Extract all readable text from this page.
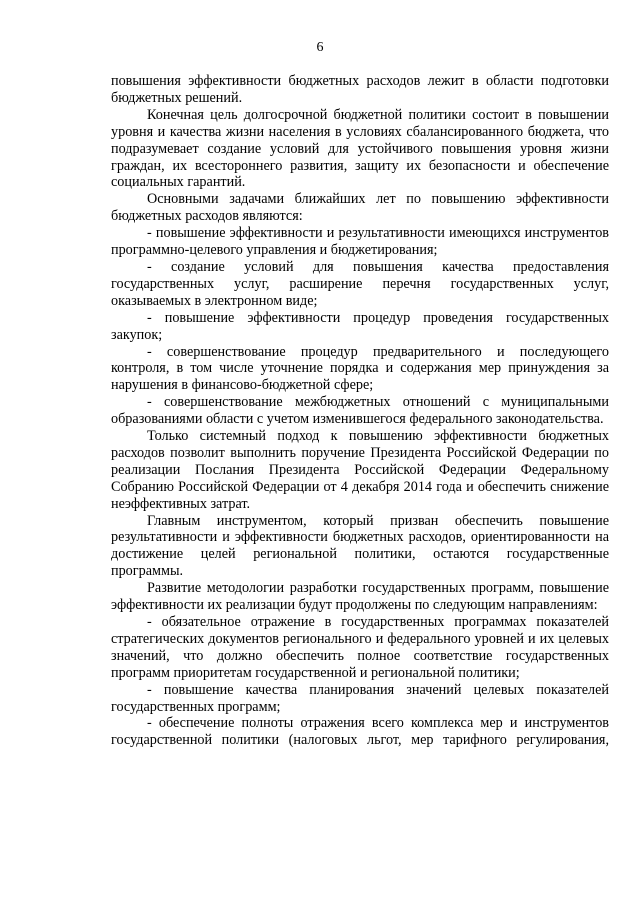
6

повышения эффективности бюджетных расходов лежит в области подготовки бюджетных решений.

Конечная цель долгосрочной бюджетной политики состоит в повышении уровня и качества жизни населения в условиях сбалансированного бюджета, что подразумевает создание условий для устойчивого повышения уровня жизни граждан, их всестороннего развития, защиту их безопасности и обеспечение социальных гарантий.

Основными задачами ближайших лет по повышению эффективности бюджетных расходов являются:

- повышение эффективности и результативности имеющихся инструментов программно-целевого управления и бюджетирования;

- создание условий для повышения качества предоставления государственных услуг, расширение перечня государственных услуг, оказываемых в электронном виде;

- повышение эффективности процедур проведения государственных закупок;

- совершенствование процедур предварительного и последующего контроля, в том числе уточнение порядка и содержания мер принуждения за нарушения в финансово-бюджетной сфере;

- совершенствование межбюджетных отношений с муниципальными образованиями области с учетом изменившегося федерального законодательства.

Только системный подход к повышению эффективности бюджетных расходов позволит выполнить поручение Президента Российской Федерации по реализации Послания Президента Российской Федерации Федеральному Собранию Российской Федерации от 4 декабря 2014 года и обеспечить снижение неэффективных затрат.

Главным инструментом, который призван обеспечить повышение результативности и эффективности бюджетных расходов, ориентированности на достижение целей региональной политики, остаются государственные программы.

Развитие методологии разработки государственных программ, повышение эффективности их реализации будут продолжены по следующим направлениям:

- обязательное отражение в государственных программах показателей стратегических документов регионального и федерального уровней и их целевых значений, что должно обеспечить полное соответствие государственных программ приоритетам государственной и региональной политики;

- повышение качества планирования значений целевых показателей государственных программ;

- обеспечение полноты отражения всего комплекса мер и инструментов государственной политики (налоговых льгот, мер тарифного регулирования,
